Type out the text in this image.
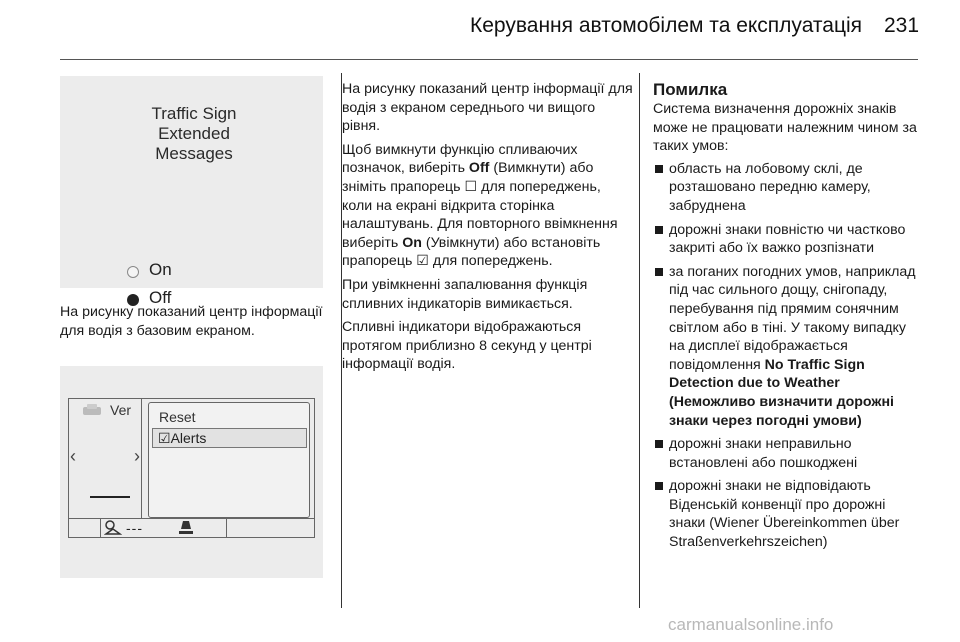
Керування автомобілем та експлуатація 231
Traffic Sign
Extended
Messages
On
Off
На рисунку показаний центр інформації для водія з базовим екраном.
Ver
‹	›
Reset
☑Alerts
---

На рисунку показаний центр інформації для водія з екраном середнього чи вищого рівня.

Щоб вимкнути функцію спливаючих позначок, виберіть Off (Вимкнути) або зніміть прапорець ☐ для попереджень, коли на екрані відкрита сторінка налаштувань. Для повторного ввімкнення виберіть On (Увімкнути) або встановіть прапорець ☑ для попереджень.

При увімкненні запалювання функція спливних індикаторів вимикається.

Спливні індикатори відображаються протягом приблизно 8 секунд у центрі інформації водія.

Помилка
Система визначення дорожніх знаків може не працювати належним чином за таких умов:
область на лобовому склі, де розташовано передню камеру, забруднена
дорожні знаки повністю чи частково закриті або їх важко розпізнати
за поганих погодних умов, наприклад під час сильного дощу, снігопаду, перебування під прямим сонячним світлом або в тіні. У такому випадку на дисплеї відображається повідомлення No Traffic Sign Detection due to Weather (Неможливо визначити дорожні знаки через погодні умови)
дорожні знаки неправильно встановлені або пошкоджені
дорожні знаки не відповідають Віденській конвенції про дорожні знаки (Wiener Übereinkommen über Straßenverkehrszeichen)
carmanualsonline.info
